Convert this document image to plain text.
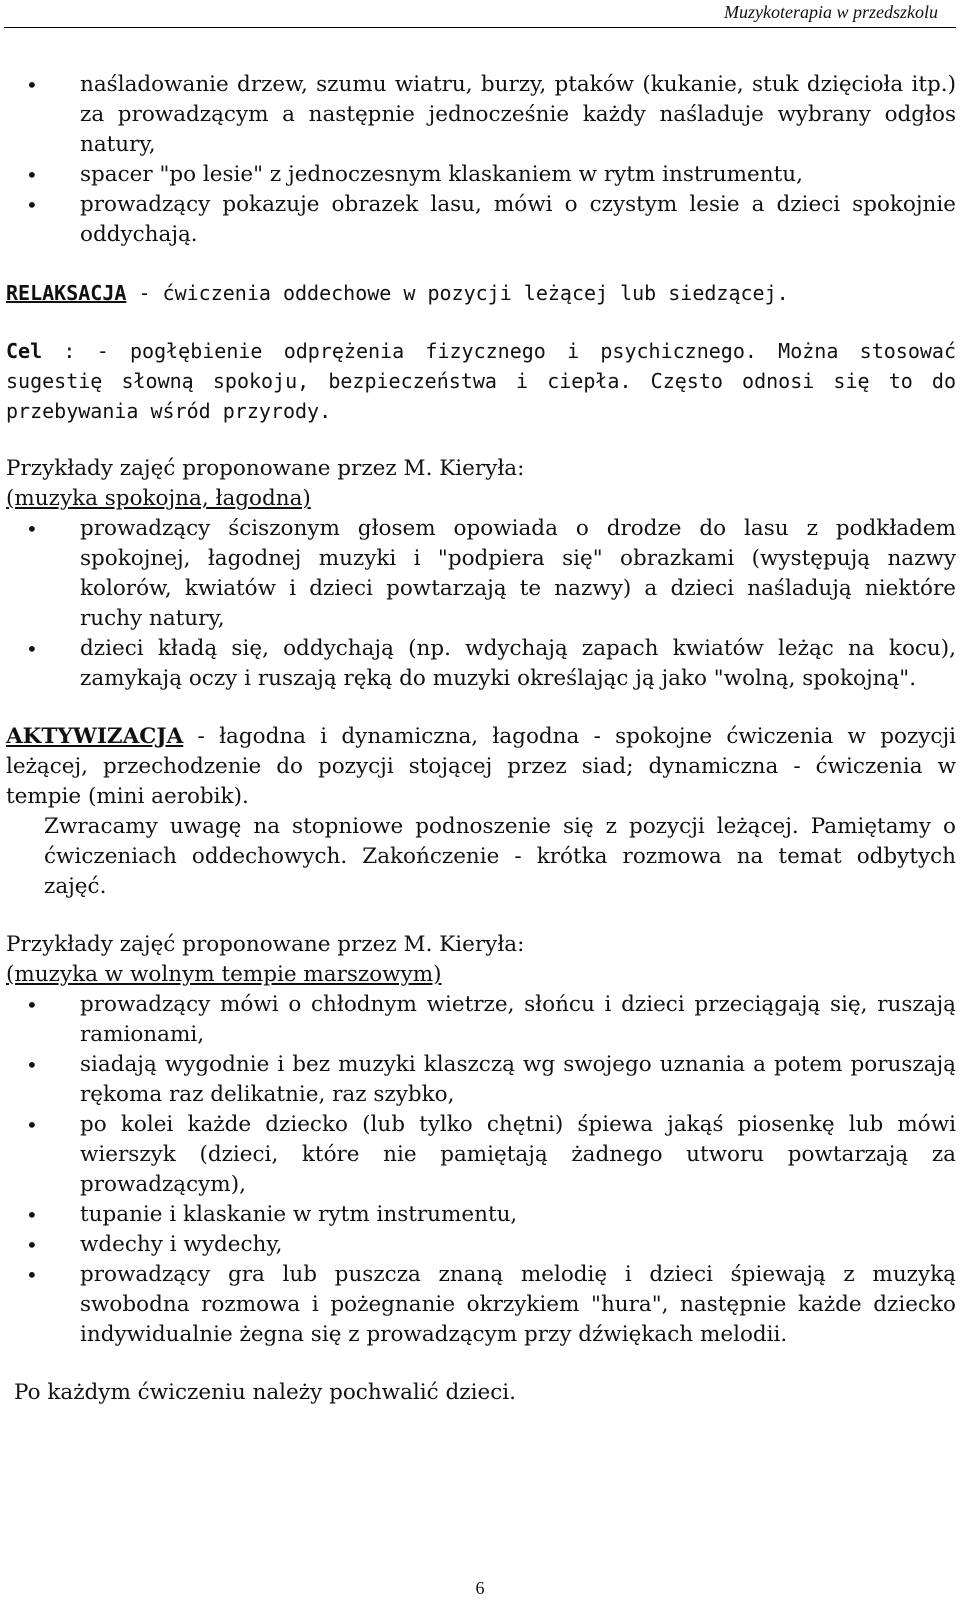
Muzykoterapia w przedszkolu
• naśladowanie drzew, szumu wiatru, burzy, ptaków (kukanie, stuk dzięcioła itp.) za prowadzącym a następnie jednocześnie każdy naśladuje wybrany odgłos natury,
• spacer "po lesie" z jednoczesnym klaskaniem w rytm instrumentu,
• prowadzący pokazuje obrazek lasu, mówi o czystym lesie a dzieci spokojnie oddychają.

RELAKSACJA - ćwiczenia oddechowe w pozycji leżącej lub siedzącej.

Cel : - pogłębienie odprężenia fizycznego i psychicznego. Można stosować sugestię słowną spokoju, bezpieczeństwa i ciepła. Często odnosi się to do przebywania wśród przyrody.

Przykłady zajęć proponowane przez M. Kieryła:

(muzyka spokojna, łagodna)

• prowadzący ściszonym głosem opowiada o drodze do lasu z podkładem spokojnej, łagodnej muzyki i "podpiera się" obrazkami (występują nazwy kolorów, kwiatów i dzieci powtarzają te nazwy) a dzieci naśladują niektóre ruchy natury,
• dzieci kładą się, oddychają (np. wdychają zapach kwiatów leżąc na kocu), zamykają oczy i ruszają ręką do muzyki określając ją jako "wolną, spokojną".

AKTYWIZACJA - łagodna i dynamiczna, łagodna - spokojne ćwiczenia w pozycji leżącej, przechodzenie do pozycji stojącej przez siad; dynamiczna - ćwiczenia w tempie (mini aerobik).

Zwracamy uwagę na stopniowe podnoszenie się z pozycji leżącej. Pamiętamy o ćwiczeniach oddechowych. Zakończenie - krótka rozmowa na temat odbytych zajęć.

Przykłady zajęć proponowane przez M. Kieryła:

(muzyka w wolnym tempie marszowym)

• prowadzący mówi o chłodnym wietrze, słońcu i dzieci przeciągają się, ruszają ramionami,
• siadają wygodnie i bez muzyki klaszczą wg swojego uznania a potem poruszają rękoma raz delikatnie, raz szybko,
• po kolei każde dziecko (lub tylko chętni) śpiewa jakąś piosenkę lub mówi wierszyk (dzieci, które nie pamiętają żadnego utworu powtarzają za prowadzącym),
• tupanie i klaskanie w rytm instrumentu,
• wdechy i wydechy,
• prowadzący gra lub puszcza znaną melodię i dzieci śpiewają z muzyką swobodna rozmowa i pożegnanie okrzykiem "hura", następnie każde dziecko indywidualnie żegna się z prowadzącym przy dźwiękach melodii.

Po każdym ćwiczeniu należy pochwalić dzieci.

6
